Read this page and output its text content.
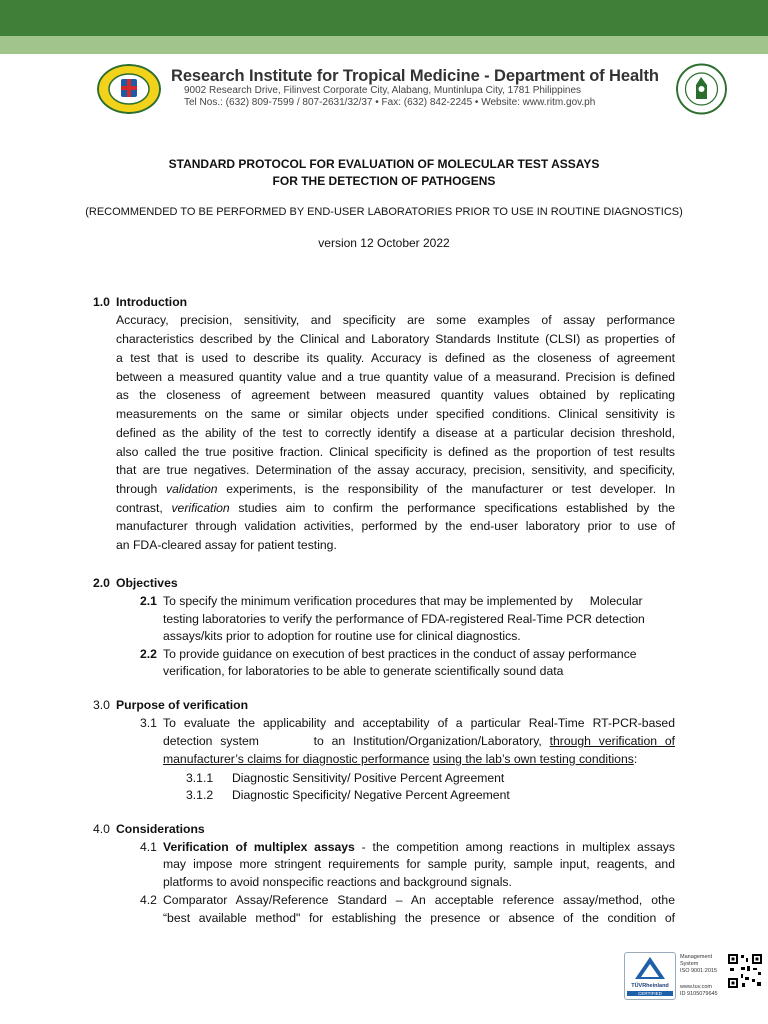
Research Institute for Tropical Medicine - Department of Health
9002 Research Drive, Filinvest Corporate City, Alabang, Muntinlupa City, 1781 Philippines
Tel Nos.: (632) 809-7599 / 807-2631/32/37 • Fax: (632) 842-2245 • Website: www.ritm.gov.ph
STANDARD PROTOCOL FOR EVALUATION OF MOLECULAR TEST ASSAYS
FOR THE DETECTION OF PATHOGENS
(RECOMMENDED TO BE PERFORMED BY END-USER LABORATORIES PRIOR TO USE IN ROUTINE DIAGNOSTICS)
version 12 October 2022
1.0 Introduction
Accuracy, precision, sensitivity, and specificity are some examples of assay performance
characteristics described by the Clinical and Laboratory Standards Institute (CLSI) as properties of
a test that is used to describe its quality. Accuracy is defined as the closeness of agreement
between a measured quantity value and a true quantity value of a measurand. Precision is defined
as the closeness of agreement between measured quantity values obtained by replicating
measurements on the same or similar objects under specified conditions. Clinical sensitivity is
defined as the ability of the test to correctly identify a disease at a particular decision threshold,
also called the true positive fraction. Clinical specificity is defined as the proportion of test results
that are true negatives. Determination of the assay accuracy, precision, sensitivity, and specificity,
through validation experiments, is the responsibility of the manufacturer or test developer. In
contrast, verification studies aim to confirm the performance specifications established by the
manufacturer through validation activities, performed by the end-user laboratory prior to use of
an FDA-cleared assay for patient testing.
2.0 Objectives
2.1 To specify the minimum verification procedures that may be implemented by     Molecular
testing laboratories to verify the performance of FDA-registered Real-Time PCR detection
assays/kits prior to adoption for routine use for clinical diagnostics.
2.2 To provide guidance on execution of best practices in the conduct of assay performance
verification, for laboratories to be able to generate scientifically sound data
3.0 Purpose of verification
3.1 To evaluate the applicability and acceptability of a particular Real-Time RT-PCR-based
detection system       to an Institution/Organization/Laboratory, through verification of
manufacturer’s claims for diagnostic performance using the lab’s own testing conditions:
3.1.1 Diagnostic Sensitivity/ Positive Percent Agreement
3.1.2 Diagnostic Specificity/ Negative Percent Agreement
4.0 Considerations
4.1 Verification of multiplex assays - the competition among reactions in multiplex assays
may impose more stringent requirements for sample purity, sample input, reagents, and
platforms to avoid nonspecific reactions and background signals.
4.2 Comparator Assay/Reference Standard – An acceptable reference assay/method, othe
“best available method" for establishing the presence or absence of the condition of
TÜVRheinland
CERTIFIED
Management
System
ISO 9001:2015
www.tuv.com
ID 9105079645
